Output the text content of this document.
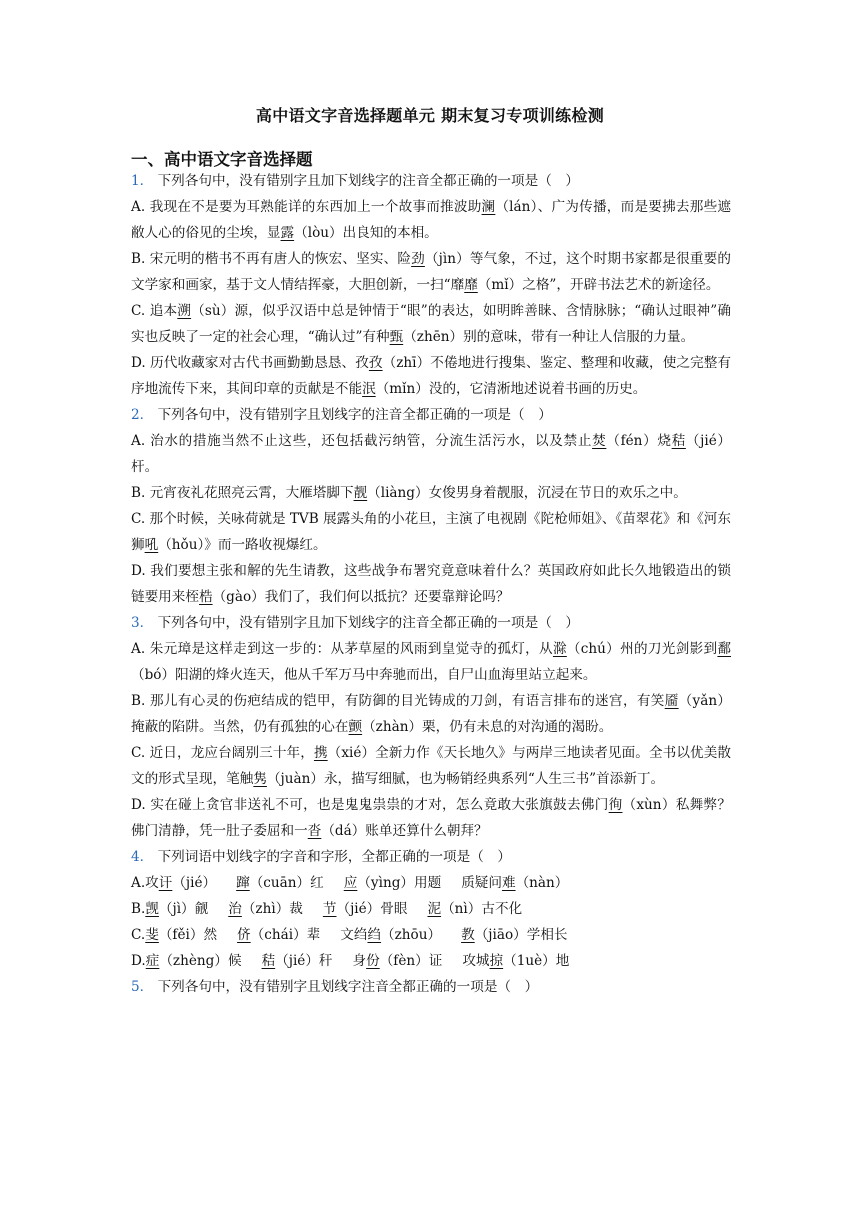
高中语文字音选择题单元 期末复习专项训练检测
一、高中语文字音选择题

1． 下列各句中，没有错别字且加下划线字的注音全都正确的一项是（　）

A. 我现在不是要为耳熟能详的东西加上一个故事而推波助澜（lán）、广为传播，而是要拂去那些遮敝人心的俗见的尘埃，显露（lòu）出良知的本相。

B. 宋元明的楷书不再有唐人的恢宏、坚实、险劲（jìn）等气象，不过，这个时期书家都是很重要的文学家和画家，基于文人情结挥豪，大胆创新，一扫“靡靡（mǐ）之格”，开辟书法艺术的新途径。

C. 追本溯（sù）源，似乎汉语中总是钟情于“眼”的表达，如明眸善睐、含情脉脉；“确认过眼神”确实也反映了一定的社会心理，“确认过”有种甄（zhēn）别的意味，带有一种让人信服的力量。

D. 历代收藏家对古代书画勤勤恳恳、孜孜（zhī）不倦地进行搜集、鉴定、整理和收藏，使之完整有序地流传下来，其间印章的贡献是不能泯（mǐn）没的，它清淅地述说着书画的历史。

2． 下列各句中，没有错别字且划线字的注音全都正确的一项是（　）

A. 治水的措施当然不止这些，还包括截污纳管，分流生活污水，以及禁止焚（fén）烧秸（jié）杆。

B. 元宵夜礼花照亮云霄，大雁塔脚下靓（liàng）女俊男身着靓服，沉浸在节日的欢乐之中。

C. 那个时候，关咏荷就是 TVB 展露头角的小花旦，主演了电视剧《陀枪师姐》、《苗翠花》和《河东狮吼（hǒu）》而一路收视爆红。

D. 我们要想主张和解的先生请教，这些战争布署究竟意味着什么？英国政府如此长久地锻造出的锁链要用来桎梏（gào）我们了，我们何以抵抗？还要靠辩论吗？

3． 下列各句中，没有错别字且加下划线字的注音全都正确的一项是（　）

A. 朱元璋是这样走到这一步的：从茅草屋的风雨到皇觉寺的孤灯，从滁（chú）州的刀光剑影到鄱（bó）阳湖的烽火连天，他从千军万马中奔驰而出，自尸山血海里站立起来。

B. 那儿有心灵的伤疤结成的铠甲，有防御的目光铸成的刀剑，有语言排布的迷宫，有笑靥（yǎn）掩蔽的陷阱。当然，仍有孤独的心在颤（zhàn）栗，仍有未息的对沟通的渴盼。

C. 近日，龙应台阔别三十年，携（xié）全新力作《天长地久》与两岸三地读者见面。全书以优美散文的形式呈现，笔触隽（juàn）永，描写细腻，也为畅销经典系列“人生三书”首添新丁。

D. 实在碰上贪官非送礼不可，也是鬼鬼祟祟的才对，怎么竟敢大张旗鼓去佛门徇（xùn）私舞弊？佛门清静，凭一肚子委屈和一沓（dá）账单还算什么朝拜？

4． 下列词语中划线字的字音和字形，全都正确的一项是（　）

A.攻讦（jié） 蹿（cuān）红 应（yìng）用题 质疑问难（nàn）

B.觊（jì）觎 治（zhì）裁 节（jié）骨眼 泥（nì）古不化

C.斐（fěi）然 侪（chái）辈 文绉绉（zhōu） 教（jiāo）学相长

D.症（zhèng）候 秸（jié）秆 身份（fèn）证 攻城掠（1uè）地

5． 下列各句中，没有错别字且划线字注音全都正确的一项是（　）
